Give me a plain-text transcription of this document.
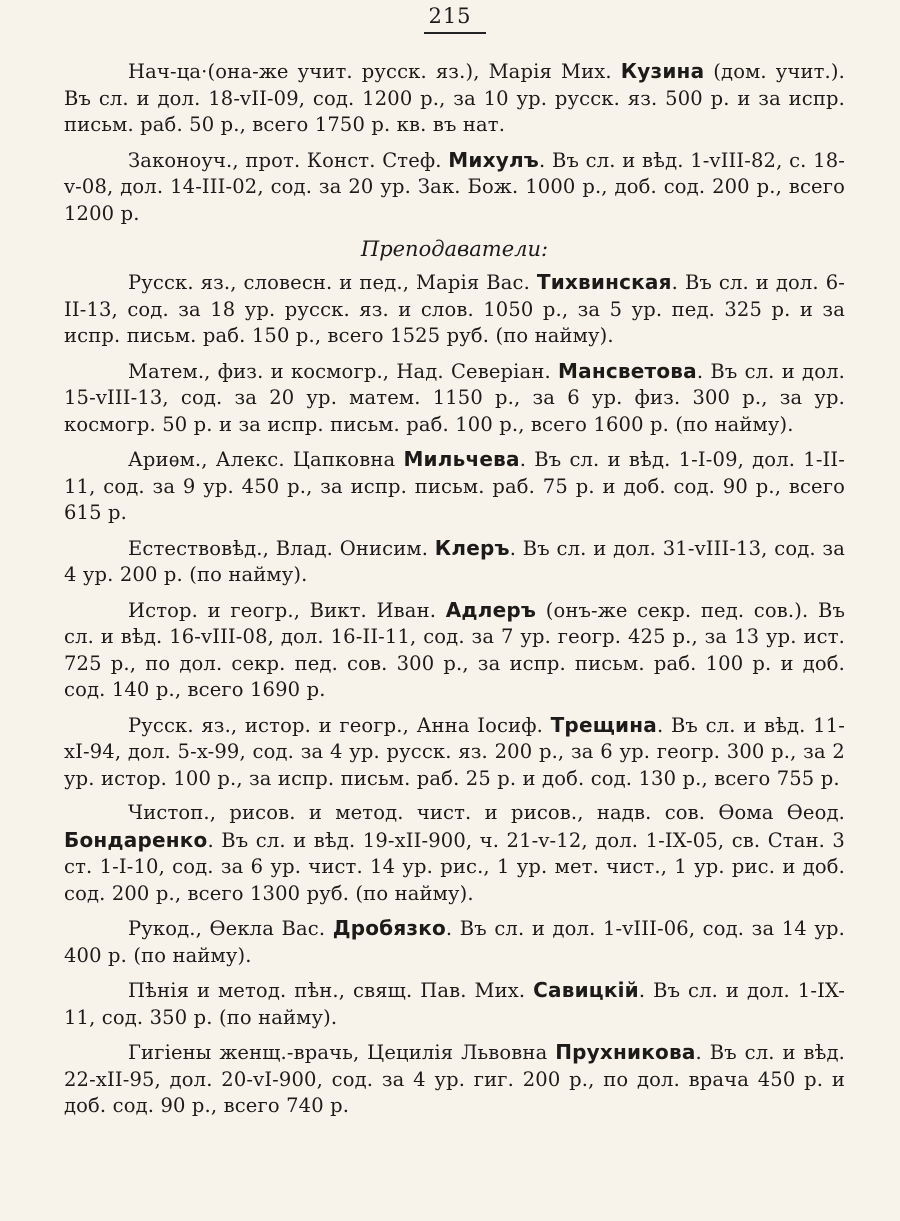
215

Нач-ца·(она-же учит. русск. яз.), Марія Мих. Кузина (дом. учит.). Въ сл. и дол. 18-vII-09, сод. 1200 р., за 10 ур. русск. яз. 500 р. и за испр. письм. раб. 50 р., всего 1750 р. кв. въ нат.

Законоуч., прот. Конст. Стеф. Михулъ. Въ сл. и вѣд. 1-vIII-82, с. 18-v-08, дол. 14-III-02, сод. за 20 ур. Зак. Бож. 1000 р., доб. сод. 200 р., всего 1200 р.

Преподаватели:

Русск. яз., словесн. и пед., Марія Вас. Тихвинская. Въ сл. и дол. 6-II-13, сод. за 18 ур. русск. яз. и слов. 1050 р., за 5 ур. пед. 325 р. и за испр. письм. раб. 150 р., всего 1525 руб. (по найму).

Матем., физ. и космогр., Над. Северіан. Мансветова. Въ сл. и дол. 15-vIII-13, сод. за 20 ур. матем. 1150 р., за 6 ур. физ. 300 р., за ур. космогр. 50 р. и за испр. письм. раб. 100 р., всего 1600 р. (по найму).

Ариѳм., Алекс. Цапковна Мильчева. Въ сл. и вѣд. 1-I-09, дол. 1-II-11, сод. за 9 ур. 450 р., за испр. письм. раб. 75 р. и доб. сод. 90 р., всего 615 р.

Естествовѣд., Влад. Онисим. Клеръ. Въ сл. и дол. 31-vIII-13, сод. за 4 ур. 200 р. (по найму).

Истор. и геогр., Викт. Иван. Адлеръ (онъ-же секр. пед. сов.). Въ сл. и вѣд. 16-vIII-08, дол. 16-II-11, сод. за 7 ур. геогр. 425 р., за 13 ур. ист. 725 р., по дол. секр. пед. сов. 300 р., за испр. письм. раб. 100 р. и доб. сод. 140 р., всего 1690 р.

Русск. яз., истор. и геогр., Анна Іосиф. Трещина. Въ сл. и вѣд. 11-xI-94, дол. 5-x-99, сод. за 4 ур. русск. яз. 200 р., за 6 ур. геогр. 300 р., за 2 ур. истор. 100 р., за испр. письм. раб. 25 р. и доб. сод. 130 р., всего 755 р.

Чистоп., рисов. и метод. чист. и рисов., надв. сов. Ѳома Ѳеод. Бондаренко. Въ сл. и вѣд. 19-xII-900, ч. 21-v-12, дол. 1-IX-05, св. Стан. 3 ст. 1-I-10, сод. за 6 ур. чист. 14 ур. рис., 1 ур. мет. чист., 1 ур. рис. и доб. сод. 200 р., всего 1300 руб. (по найму).

Рукод., Ѳекла Вас. Дробязко. Въ сл. и дол. 1-vIII-06, сод. за 14 ур. 400 р. (по найму).

Пѣнія и метод. пѣн., свящ. Пав. Мих. Савицкій. Въ сл. и дол. 1-IX-11, сод. 350 р. (по найму).

Гигіены женщ.-врачь, Цецилія Львовна Прухникова. Въ сл. и вѣд. 22-xII-95, дол. 20-vI-900, сод. за 4 ур. гиг. 200 р., по дол. врача 450 р. и доб. сод. 90 р., всего 740 р.
